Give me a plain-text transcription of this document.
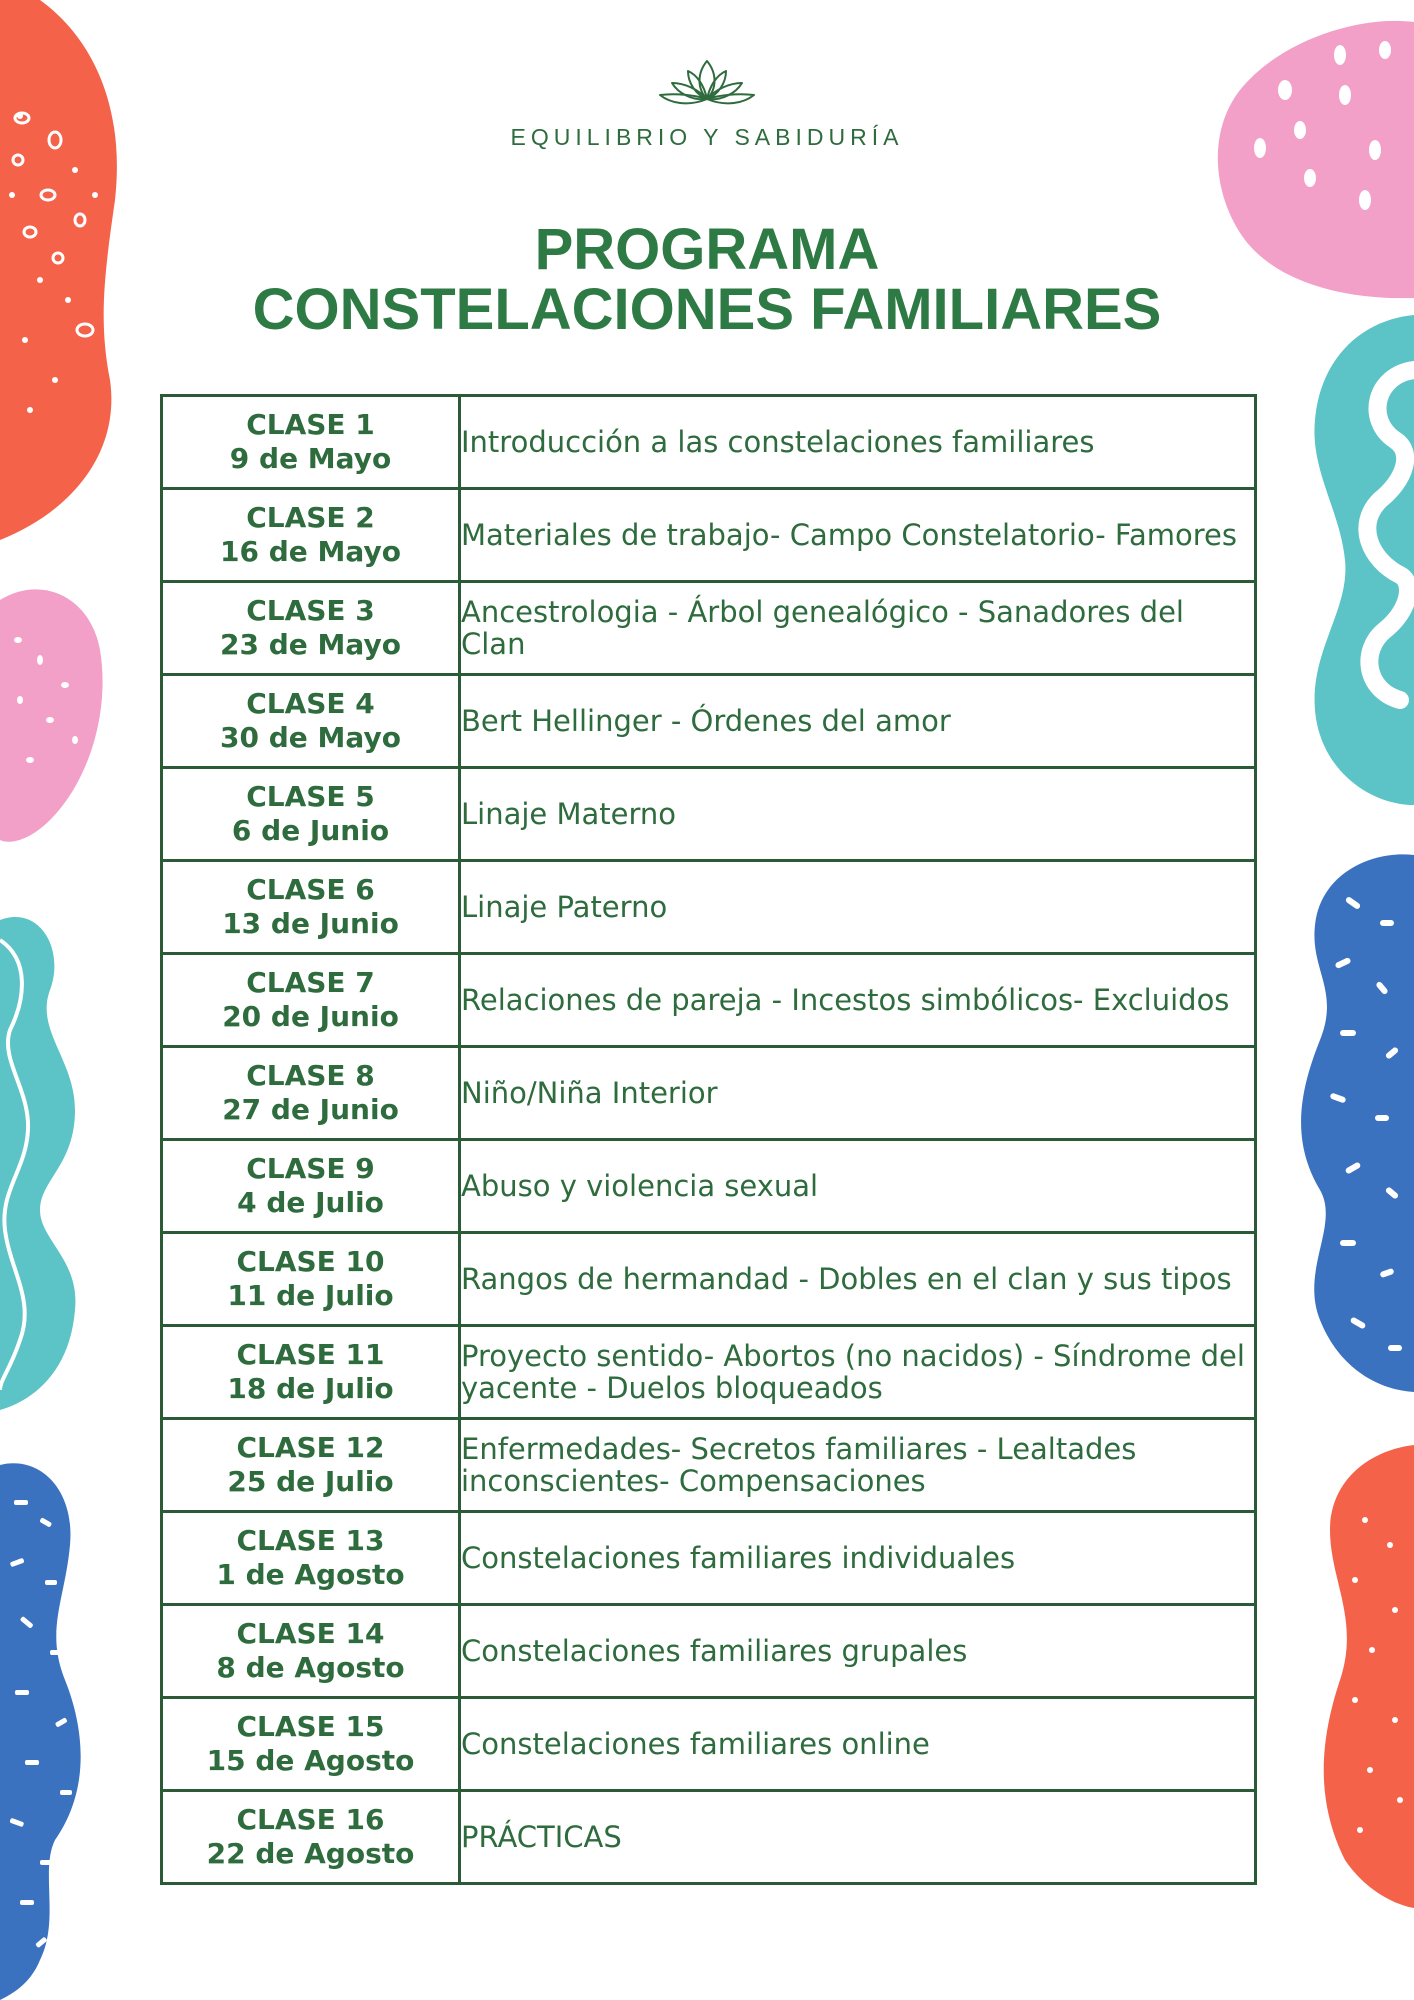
EQUILIBRIO Y SABIDURÍA
PROGRAMA
CONSTELACIONES FAMILIARES
CLASE 1
9 de Mayo	Introducción a las constelaciones familiares

CLASE 2
16 de Mayo	Materiales de trabajo- Campo Constelatorio- Famores

CLASE 3
23 de Mayo	Ancestrologia - Árbol genealógico - Sanadores del Clan

CLASE 4
30 de Mayo	Bert Hellinger - Órdenes del amor

CLASE 5
6 de Junio	Linaje Materno

CLASE 6
13 de Junio	Linaje Paterno

CLASE 7
20 de Junio	Relaciones de pareja - Incestos simbólicos- Excluidos

CLASE 8
27 de Junio	Niño/Niña Interior

CLASE 9
4 de Julio	Abuso y violencia sexual

CLASE 10
11 de Julio	Rangos de hermandad - Dobles en el clan y sus tipos

CLASE 11
18 de Julio	Proyecto sentido- Abortos (no nacidos) - Síndrome del yacente - Duelos bloqueados

CLASE 12
25 de Julio	Enfermedades- Secretos familiares - Lealtades inconscientes- Compensaciones

CLASE 13
1 de Agosto	Constelaciones familiares individuales

CLASE 14
8 de Agosto	Constelaciones familiares grupales

CLASE 15
15 de Agosto	Constelaciones familiares online

CLASE 16
22 de Agosto	PRÁCTICAS
